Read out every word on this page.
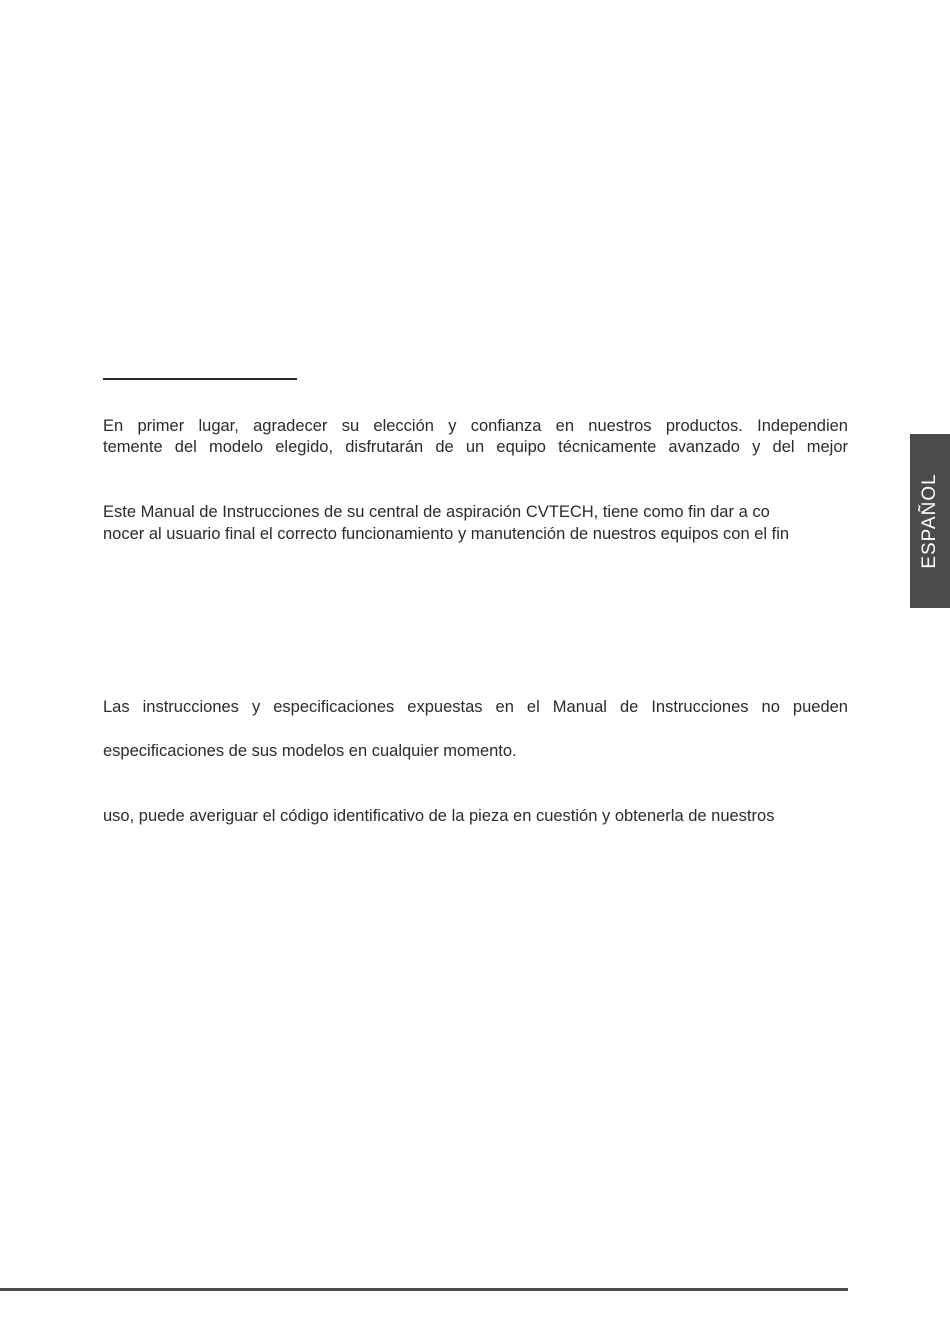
En primer lugar, agradecer su elección y confianza en nuestros productos. Independien
temente del modelo elegido, disfrutarán de un equipo técnicamente avanzado y del mejor
Este Manual de Instrucciones de su central de aspiración CVTECH, tiene como fin dar a co
nocer al usuario final el correcto funcionamiento y manutención de nuestros equipos con el fin
Las instrucciones y especificaciones expuestas en el Manual de Instrucciones no pueden
especificaciones de sus modelos en cualquier momento.
uso, puede averiguar el código identificativo de la pieza en cuestión y obtenerla de nuestros
ESPAÑOL
